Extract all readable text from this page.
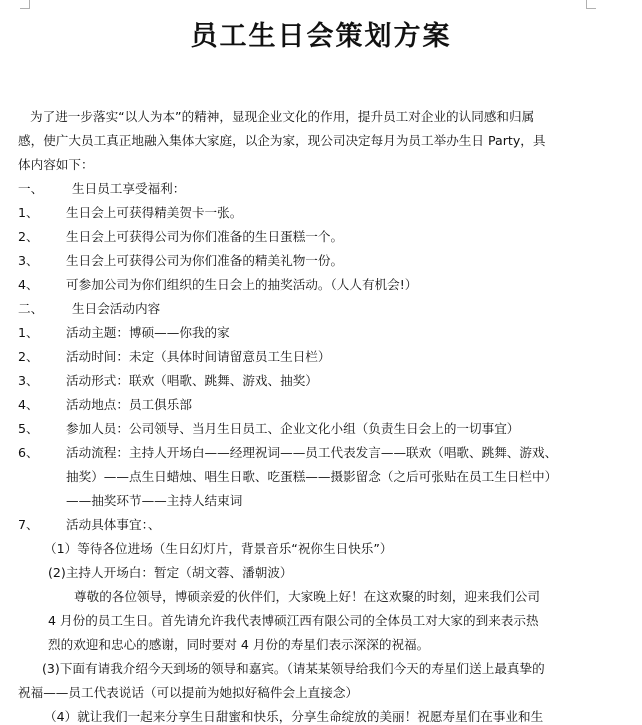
员工生日会策划方案
为了进一步落实“以人为本”的精神，显现企业文化的作用，提升员工对企业的认同感和归属
感，使广大员工真正地融入集体大家庭，以企为家，现公司决定每月为员工举办生日 Party，具
体内容如下：
一、 生日员工享受福利：
1、 生日会上可获得精美贺卡一张。
2、 生日会上可获得公司为你们准备的生日蛋糕一个。
3、 生日会上可获得公司为你们准备的精美礼物一份。
4、 可参加公司为你们组织的生日会上的抽奖活动。（人人有机会!）
二、 生日会活动内容
1、 活动主题：博硕——你我的家
2、 活动时间：未定（具体时间请留意员工生日栏）
3、 活动形式：联欢（唱歌、跳舞、游戏、抽奖）
4、 活动地点：员工俱乐部
5、 参加人员：公司领导、当月生日员工、企业文化小组（负责生日会上的一切事宜）
6、 活动流程：主持人开场白——经理祝词——员工代表发言——联欢（唱歌、跳舞、游戏、
抽奖）——点生日蜡烛、唱生日歌、吃蛋糕——摄影留念（之后可张贴在员工生日栏中）
——抽奖环节——主持人结束词
7、 活动具体事宜：、
（1）等待各位进场（生日幻灯片，背景音乐“祝你生日快乐”）
(2)主持人开场白：暂定（胡文蓉、潘朝波）
尊敬的各位领导，博硕亲爱的伙伴们，大家晚上好！在这欢聚的时刻，迎来我们公司
4 月份的员工生日。首先请允许我代表博硕江西有限公司的全体员工对大家的到来表示热
烈的欢迎和忠心的感谢，同时要对 4 月份的寿星们表示深深的祝福。
(3)下面有请我介绍今天到场的领导和嘉宾。（请某某领导给我们今天的寿星们送上最真挚的
祝福——员工代表说话（可以提前为她拟好稿件会上直接念）
（4）就让我们一起来分享生日甜蜜和快乐，分享生命绽放的美丽！祝愿寿星们在事业和生
